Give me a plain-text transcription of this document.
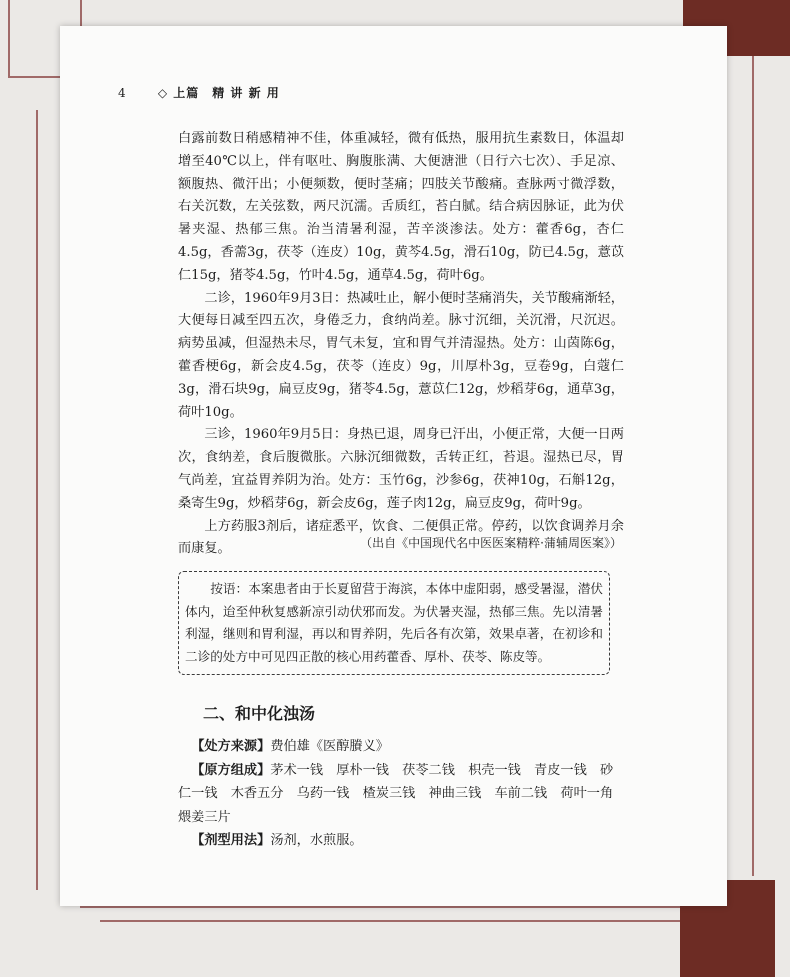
4	◇ 上篇　精 讲 新 用

白露前数日稍感精神不佳，体重减轻，微有低热，服用抗生素数日，体温却增至40℃以上，伴有呕吐、胸腹胀满、大便溏泄（日行六七次）、手足凉、额腹热、微汗出；小便频数，便时茎痛；四肢关节酸痛。查脉两寸微浮数，右关沉数，左关弦数，两尺沉濡。舌质红，苔白腻。结合病因脉证，此为伏暑夹湿、热郁三焦。治当清暑利湿，苦辛淡渗法。处方：藿香6g，杏仁4.5g，香薷3g，茯苓（连皮）10g，黄芩4.5g，滑石10g，防已4.5g，薏苡仁15g，猪苓4.5g，竹叶4.5g，通草4.5g，荷叶6g。

二诊，1960年9月3日：热减吐止，解小便时茎痛消失，关节酸痛渐轻，大便每日减至四五次，身倦乏力，食纳尚差。脉寸沉细，关沉滑，尺沉迟。病势虽减，但湿热未尽，胃气未复，宜和胃气并清湿热。处方：山茵陈6g，藿香梗6g，新会皮4.5g，茯苓（连皮）9g，川厚朴3g，豆卷9g，白蔻仁3g，滑石块9g，扁豆皮9g，猪苓4.5g，薏苡仁12g，炒稻芽6g，通草3g，荷叶10g。

三诊，1960年9月5日：身热已退，周身已汗出，小便正常，大便一日两次，食纳差，食后腹微胀。六脉沉细微数，舌转正红，苔退。湿热已尽，胃气尚差，宜益胃养阴为治。处方：玉竹6g，沙参6g，茯神10g，石斛12g，桑寄生9g，炒稻芽6g，新会皮6g，莲子肉12g，扁豆皮9g，荷叶9g。

上方药服3剂后，诸症悉平，饮食、二便俱正常。停药，以饮食调养月余而康复。	（出自《中国现代名中医医案精粹·蒲辅周医案》）
按语：本案患者由于长夏留营于海滨，本体中虚阳弱，感受暑湿，潜伏体内，迨至仲秋复感新凉引动伏邪而发。为伏暑夹湿，热郁三焦。先以清暑利湿，继则和胃利湿，再以和胃养阴，先后各有次第，效果卓著，在初诊和二诊的处方中可见四正散的核心用药藿香、厚朴、茯苓、陈皮等。
二、和中化浊汤

【处方来源】费伯雄《医醇賸义》

【原方组成】茅术一钱　厚朴一钱　茯苓二钱　枳壳一钱　青皮一钱　砂仁一钱　木香五分　乌药一钱　楂炭三钱　神曲三钱　车前二钱　荷叶一角　煨姜三片

【剂型用法】汤剂，水煎服。
